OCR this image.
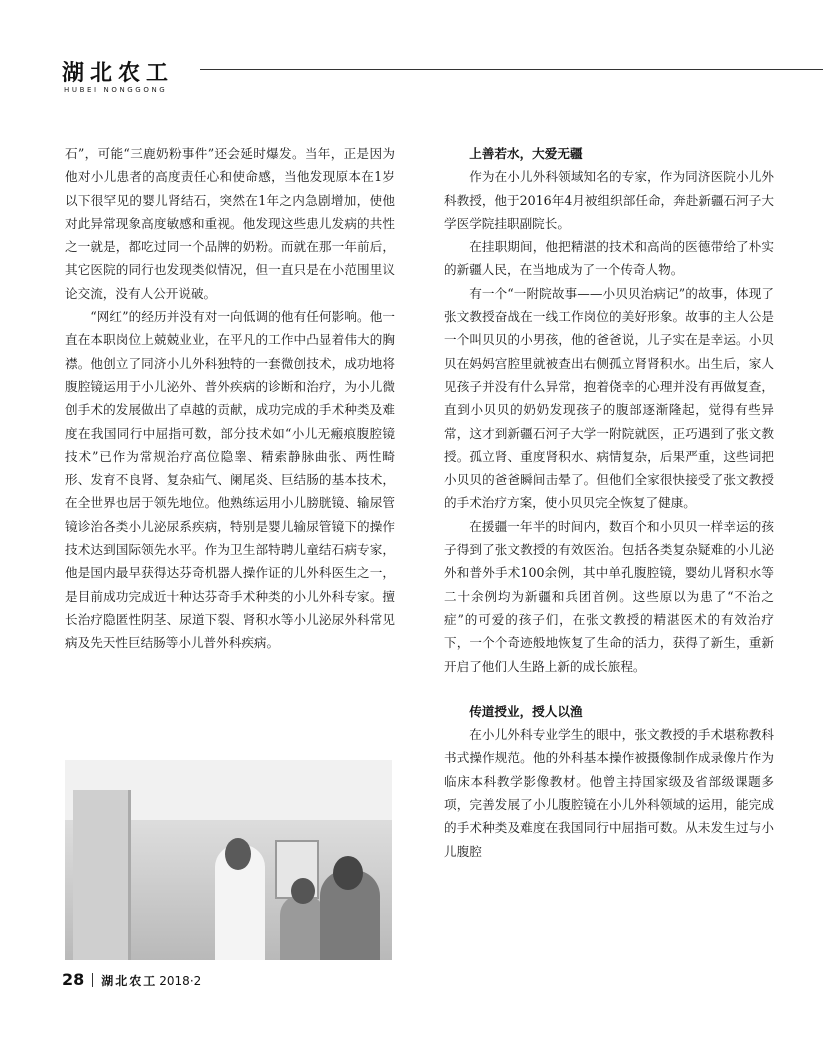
湖北农工
HUBEI NONGGONG

石”，可能“三鹿奶粉事件”还会延时爆发。当年，正是因为他对小儿患者的高度责任心和使命感，当他发现原本在1岁以下很罕见的婴儿肾结石，突然在1年之内急剧增加，使他对此异常现象高度敏感和重视。他发现这些患儿发病的共性之一就是，都吃过同一个品牌的奶粉。而就在那一年前后，其它医院的同行也发现类似情况，但一直只是在小范围里议论交流，没有人公开说破。

“网红”的经历并没有对一向低调的他有任何影响。他一直在本职岗位上兢兢业业，在平凡的工作中凸显着伟大的胸襟。他创立了同济小儿外科独特的一套微创技术，成功地将腹腔镜运用于小儿泌外、普外疾病的诊断和治疗，为小儿微创手术的发展做出了卓越的贡献，成功完成的手术种类及难度在我国同行中屈指可数，部分技术如“小儿无瘢痕腹腔镜技术”已作为常规治疗高位隐睾、精索静脉曲张、两性畸形、发育不良肾、复杂疝气、阑尾炎、巨结肠的基本技术，在全世界也居于领先地位。他熟练运用小儿膀胱镜、输尿管镜诊治各类小儿泌尿系疾病，特别是婴儿输尿管镜下的操作技术达到国际领先水平。作为卫生部特聘儿童结石病专家，他是国内最早获得达芬奇机器人操作证的儿外科医生之一，是目前成功完成近十种达芬奇手术种类的小儿外科专家。擅长治疗隐匿性阴茎、尿道下裂、肾积水等小儿泌尿外科常见病及先天性巨结肠等小儿普外科疾病。

上善若水，大爱无疆

作为在小儿外科领域知名的专家，作为同济医院小儿外科教授，他于2016年4月被组织部任命，奔赴新疆石河子大学医学院挂职副院长。

在挂职期间，他把精湛的技术和高尚的医德带给了朴实的新疆人民，在当地成为了一个传奇人物。

有一个“一附院故事——小贝贝治病记”的故事，体现了张文教授奋战在一线工作岗位的美好形象。故事的主人公是一个叫贝贝的小男孩，他的爸爸说，儿子实在是幸运。小贝贝在妈妈宫腔里就被查出右侧孤立肾肾积水。出生后，家人见孩子并没有什么异常，抱着侥幸的心理并没有再做复查，直到小贝贝的奶奶发现孩子的腹部逐渐隆起，觉得有些异常，这才到新疆石河子大学一附院就医，正巧遇到了张文教授。孤立肾、重度肾积水、病情复杂，后果严重，这些词把小贝贝的爸爸瞬间击晕了。但他们全家很快接受了张文教授的手术治疗方案，使小贝贝完全恢复了健康。

在援疆一年半的时间内，数百个和小贝贝一样幸运的孩子得到了张文教授的有效医治。包括各类复杂疑难的小儿泌外和普外手术100余例，其中单孔腹腔镜，婴幼儿肾积水等二十余例均为新疆和兵团首例。这些原以为患了“不治之症”的可爱的孩子们，在张文教授的精湛医术的有效治疗下，一个个奇迹般地恢复了生命的活力，获得了新生，重新开启了他们人生路上新的成长旅程。

传道授业，授人以渔

在小儿外科专业学生的眼中，张文教授的手术堪称教科书式操作规范。他的外科基本操作被摄像制作成录像片作为临床本科教学影像教材。他曾主持国家级及省部级课题多项，完善发展了小儿腹腔镜在小儿外科领域的运用，能完成的手术种类及难度在我国同行中屈指可数。从未发生过与小儿腹腔

28 湖北农工 2018·2
